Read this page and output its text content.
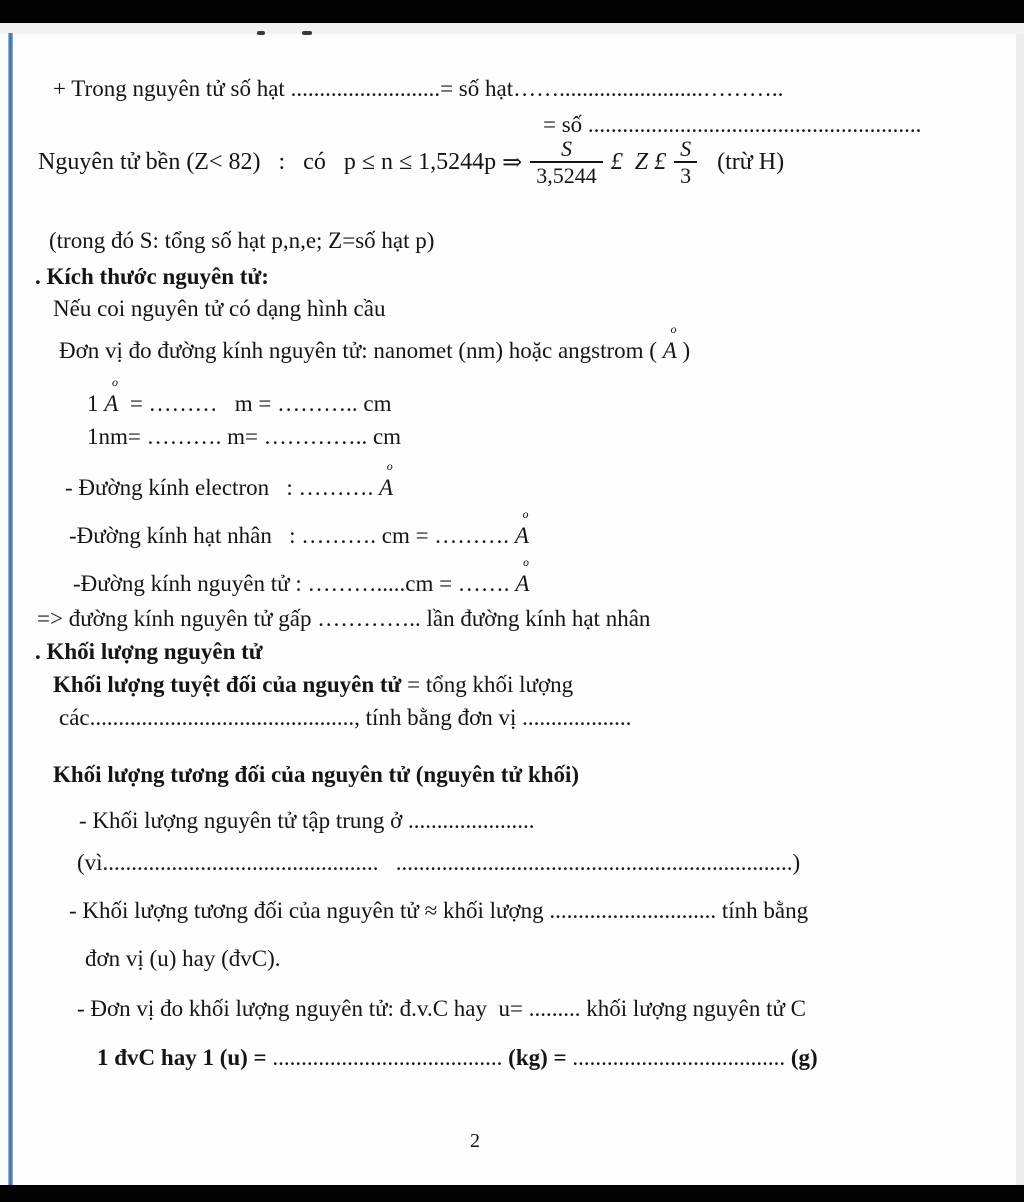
+ Trong nguyên tử số hạt ..........................= số hạt…….........................………..

= số ..........................................................

Nguyên tử bền (Z< 82)   :   có   p ≤ n ≤ 1,5244p ⇒ $\frac{S}{3,5244}$ £  Z £ $\frac{S}{3}$ (trừ H)

(trong đó S: tổng số hạt p,n,e; Z=số hạt p)

. Kích thước nguyên tử:

Nếu coi nguyên tử có dạng hình cầu

Đơn vị đo đường kính nguyên tử: nanomet (nm) hoặc angstrom (
o
A )

1
o
A  = ………   m = ……….. cm

1nm= ………. m= ………….. cm

- Đường kính electron   : ……….
o
A

-Đường kính hạt nhân   : ………. cm = ……….
o
A

-Đường kính nguyên tử : ……….....cm = …….
o
A

=> đường kính nguyên tử gấp ………….. lần đường kính hạt nhân

. Khối lượng nguyên tử

Khối lượng tuyệt đối của nguyên tử = tổng khối lượng

các.............................................., tính bằng đơn vị ...................

Khối lượng tương đối của nguyên tử (nguyên tử khối)

- Khối lượng nguyên tử tập trung ở ......................

(vì................................................   .....................................................................)

- Khối lượng tương đối của nguyên tử ≈ khối lượng ............................. tính bằng

đơn vị (u) hay (đvC).

- Đơn vị đo khối lượng nguyên tử: đ.v.C hay  u= ......... khối lượng nguyên tử C

1 đvC hay 1 (u) = ........................................ (kg) = ..................................... (g)

2
